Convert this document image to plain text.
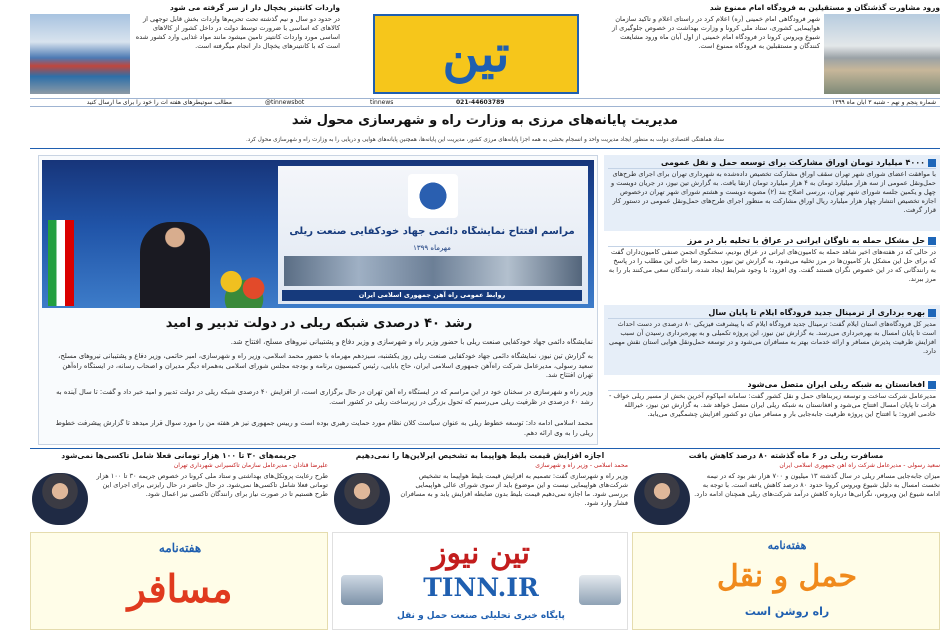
واردات کانتینر یخچال دار از سر گرفته می شود	ورود مشاورت گذشتگان و مستقیلین به فرودگاه امام ممنوع شد
در حدود دو سال و نیم گذشته تحت تحریم‌ها واردات بخش قابل توجهی از کالاهای که اساسی با ضرورت توسط دولت در داخل کشور از کالاهای اساسی مورد واردات کانتینر تامین میشود مانند مواد غذایی وارد کشور شده است که با کانتینرهای یخچال دار انجام میگرفته است.	تین
شهر فرودگاهی امام خمینی (ره) اعلام کرد در راستای اعلام و تاکید سازمان هواپیمایی کشوری، ستاد ملی کرونا و وزارت بهداشت در خصوص جلوگیری از شیوع ویروس کرونا در فرودگاه امام خمینی از اول آبان ماه ورود مشایعت کنندگان و مستقبلین به فرودگاه ممنوع است.
مطالب سوتیطرهای هفته ات را خود را برای ما ارسال کنید	@tinnewsbot	tinnews	021-44603789	شماره پنجم و نهم - شنبه ۳ آبان ماه ۱۳۹۹
مدیریت پایانه‌های مرزی به وزارت راه و شهرسازی محول شد
ستاد هماهنگی اقتصادی دولت به منظور ایجاد مدیریت واحد و انسجام بخشی به همه اجزا پایانه‌های مرزی کشور، مدیریت این پایانه‌ها، همچنین پایانه‌های هوایی و دریایی را به وزارت راه و شهرسازی محول کرد.
مراسم افتتاح نمایشگاه دائمی جهاد خودکفایی صنعت ریلی
مهرماه ۱۳۹۹
روابط عمومی راه آهن جمهوری اسلامی ایران
رشد ۴۰ درصدی شبکه ریلی در دولت تدبیر و امید
نمایشگاه دائمی جهاد خودکفایی صنعت ریلی با حضور وزیر راه و شهرسازی و وزیر دفاع و پشتیبانی نیروهای مسلح، افتتاح شد.
به گزارش تین نیوز، نمایشگاه دائمی جهاد خودکفایی صنعت ریلی روز یکشنبه، سیزدهم مهرماه با حضور محمد اسلامی، وزیر راه و شهرسازی، امیر حاتمی، وزیر دفاع و پشتیبانی نیروهای مسلح، سعید رسولی، مدیرعامل شرکت راه‌آهن جمهوری اسلامی ایران، حاج بابایی، رئیس کمیسیون برنامه و بودجه مجلس شورای اسلامی به‌همراه دیگر مدیران و اصحاب رسانه، در ایستگاه راه‌آهن تهران افتتاح شد.
وزیر راه و شهرسازی در سخنان خود در این مراسم که در ایستگاه راه آهن تهران در حال برگزاری است، از افزایش ۴۰ درصدی شبکه ریلی در دولت تدبیر و امید خبر داد و گفت: تا سال آینده به رشد ۶۰ درصدی در ظرفیت ریلی می‌رسیم که تحول بزرگی در زیرساخت ریلی در کشور است.
محمد اسلامی ادامه داد: توسعه خطوط ریلی به عنوان سیاست کلان نظام مورد حمایت رهبری بوده است و رییس جمهوری نیز هر هفته من را مورد سوال قرار میدهد تا گزارش پیشرفت خطوط ریلی را به وی ارائه دهم.
۴۰۰۰ میلیارد تومان اوراق مشارکت برای توسعه حمل و نقل عمومی
با موافقت اعضای شورای شهر تهران سقف اوراق مشارکت تخصیص داده‌شده به شهرداری تهران برای اجرای طرح‌های حمل‌ونقل عمومی از سه هزار میلیارد تومان به ۴ هزار میلیارد تومان ارتقا یافت. به گزارش تین نیوز، در جریان دویست و چهل و یکمین جلسه شورای شهر تهران، بررسی اصلاح بند (۲) مصوبه دویست و هشتم شورای شهر تهران درخصوص اجازه تخصیص انتشار چهار هزار میلیارد ریال اوراق مشارکت به منظور اجرای طرح‌های حمل‌ونقل عمومی در دستور کار قرار گرفت.
حل مشکل حمله به ناوگان ایرانی در عراق با تخلیه بار در مرز
در حالی که در هفته‌های اخیر شاهد حمله به کامیون‌های ایرانی در عراق بودیم، سخنگوی انجمن صنفی کامیون‌داران گفت که برای حل این مشکل بار کامیون‌ها در مرز تخلیه می‌شود. به گزارش تین نیوز، محمد رضا خانی این مطلب را در پاسخ به رانندگانی که در این خصوص نگران هستند گفت. وی افزود: با وجود شرایط ایجاد شده، رانندگان سعی می‌کنند بار را به مرز ببرند.
بهره برداری از ترمینال جدید فرودگاه ایلام تا پایان سال
مدیر کل فرودگاه‌های استان ایلام گفت: ترمینال جدید فرودگاه ایلام که با پیشرفت فیزیکی ۸۰ درصدی در دست احداث است تا پایان امسال به بهره‌برداری می‌رسد. به گزارش تین نیوز، این پروژه تکمیلی و به بهره‌برداری رسیدن آن سبب افزایش ظرفیت پذیرش مسافر و ارائه خدمات بهتر به مسافران می‌شود و در توسعه حمل‌ونقل هوایی استان نقش مهمی دارد.
افغانستان به شبکه ریلی ایران متصل می‌شود
مدیرعامل شرکت ساخت و توسعه زیربناهای حمل و نقل کشور گفت: سامانه امپاکوم آخرین بخش از مسیر ریلی خواف - هرات تا پایان امسال افتتاح می‌شود و افغانستان به شبکه ریلی ایران متصل خواهد شد. به گزارش تین نیوز، خیرالله خادمی افزود: با افتتاح این پروژه ظرفیت جابه‌جایی بار و مسافر میان دو کشور افزایش چشمگیری می‌یابد.
مسافرت ریلی در ۶ ماه گذشته ۸۰ درصد کاهش یافت
سعید رسولی - مدیرعامل شرکت راه آهن جمهوری اسلامی ایران
میزان جابه‌جایی مسافر ریلی در سال گذشته ۱۳ میلیون و ۷۰۰ هزار نفر بود که در نیمه نخست امسال به دلیل شیوع ویروس کرونا حدود ۸۰ درصد کاهش یافته است. با توجه به ادامه شیوع این ویروس، نگرانی‌ها درباره کاهش درآمد شرکت‌های ریلی همچنان ادامه دارد.
اجازه افزایش قیمت بلیط هواپیما به تشخیص ایرلاین‌ها را نمی‌دهیم
محمد اسلامی - وزیر راه و شهرسازی
وزیر راه و شهرسازی گفت: تصمیم به افزایش قیمت بلیط هواپیما به تشخیص شرکت‌های هواپیمایی نیست و این موضوع باید از سوی شورای عالی هواپیمایی بررسی شود. ما اجازه نمی‌دهیم قیمت بلیط بدون ضابطه افزایش یابد و به مسافران فشار وارد شود.
جریمه‌های ۳۰ تا ۱۰۰ هزار تومانی فعلا شامل تاکسی‌ها نمی‌شود
علیرضا قنادان - مدیرعامل سازمان تاکسیرانی شهرداری تهران
طرح رعایت پروتکل‌های بهداشتی و ستاد ملی کرونا در خصوص جریمه ۳۰ تا ۱۰۰ هزار تومانی فعلا شامل تاکسی‌ها نمی‌شود. در حال حاضر در حال رایزنی برای اجرای این طرح هستیم تا در صورت نیاز برای رانندگان تاکسی نیز اعمال شود.
هفته‌نامه
حمل و نقل
راه روشن است
تین نیوز
TINN.IR
پایگاه خبری تحلیلی صنعت حمل و نقل
هفته‌نامه
مسافر
